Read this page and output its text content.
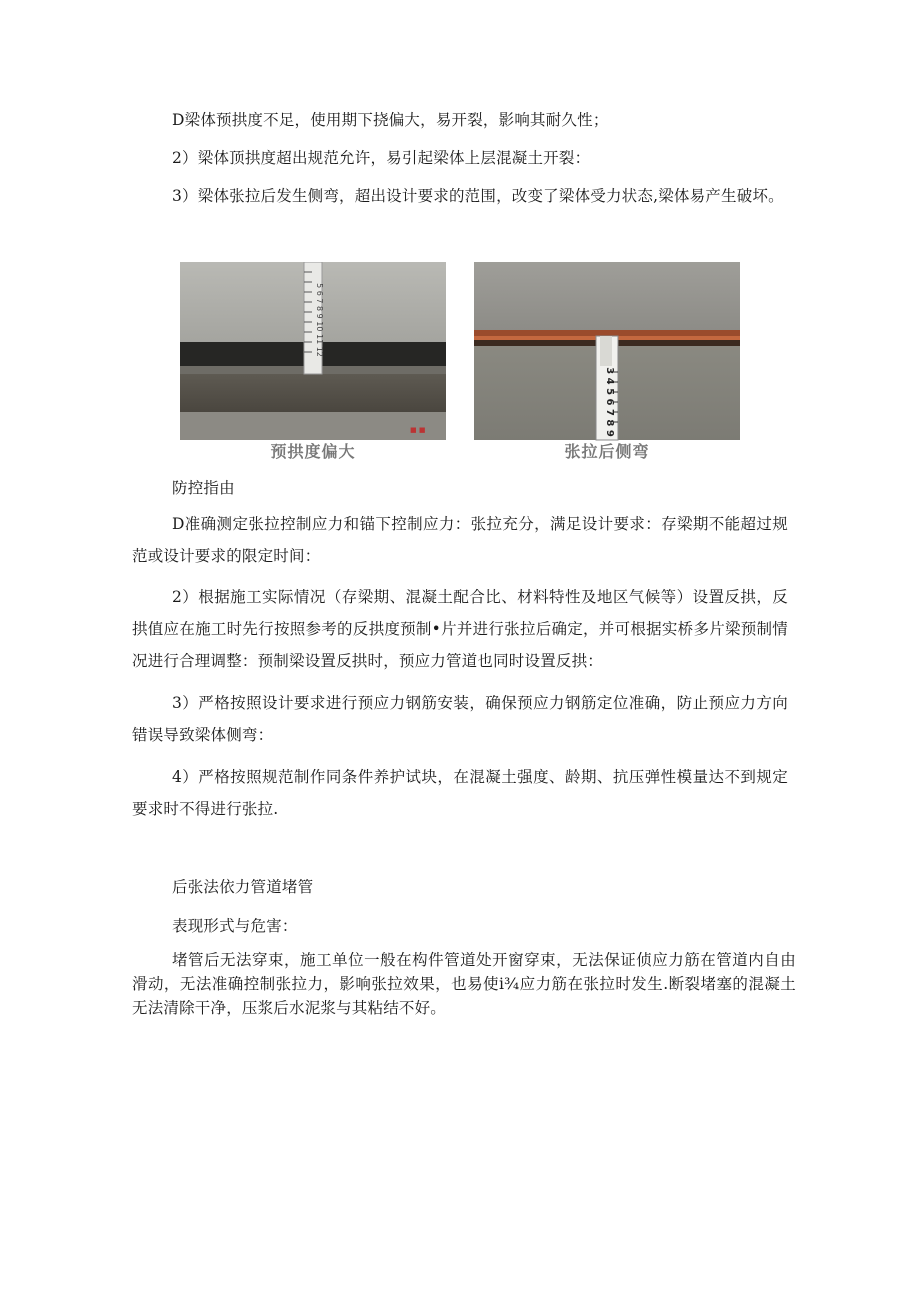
D梁体预拱度不足，使用期下挠偏大，易开裂，影响其耐久性；

2）梁体顶拱度超出规范允许，易引起梁体上层混凝土开裂：

3）梁体张拉后发生侧弯，超出设计要求的范围，改变了梁体受力状态,梁体易产生破坏。

5 6 7 8 9 10 11 12
■ ■
预拱度偏大
3 4 5 6 7 8 9
张拉后侧弯

防控指由

D准确测定张拉控制应力和锚下控制应力：张拉充分，满足设计要求：存梁期不能超过规范或设计要求的限定时间：

2）根据施工实际情况（存梁期、混凝土配合比、材料特性及地区气候等）设置反拱，反拱值应在施工时先行按照参考的反拱度预制•片并进行张拉后确定，并可根据实桥多片梁预制情况进行合理调整：预制梁设置反拱时，预应力管道也同时设置反拱：

3）严格按照设计要求进行预应力钢筋安装，确保预应力钢筋定位准确，防止预应力方向错误导致梁体侧弯：

4）严格按照规范制作同条件养护试块，在混凝土强度、龄期、抗压弹性模量达不到规定要求时不得进行张拉.

后张法依力管道堵管

表现形式与危害：

堵管后无法穿束，施工单位一般在构件管道处开窗穿束，无法保证侦应力筋在管道内自由滑动，无法准确控制张拉力，影响张拉效果，也易使i¾应力筋在张拉时发生.断裂堵塞的混凝土无法清除干净，压浆后水泥浆与其粘结不好。
